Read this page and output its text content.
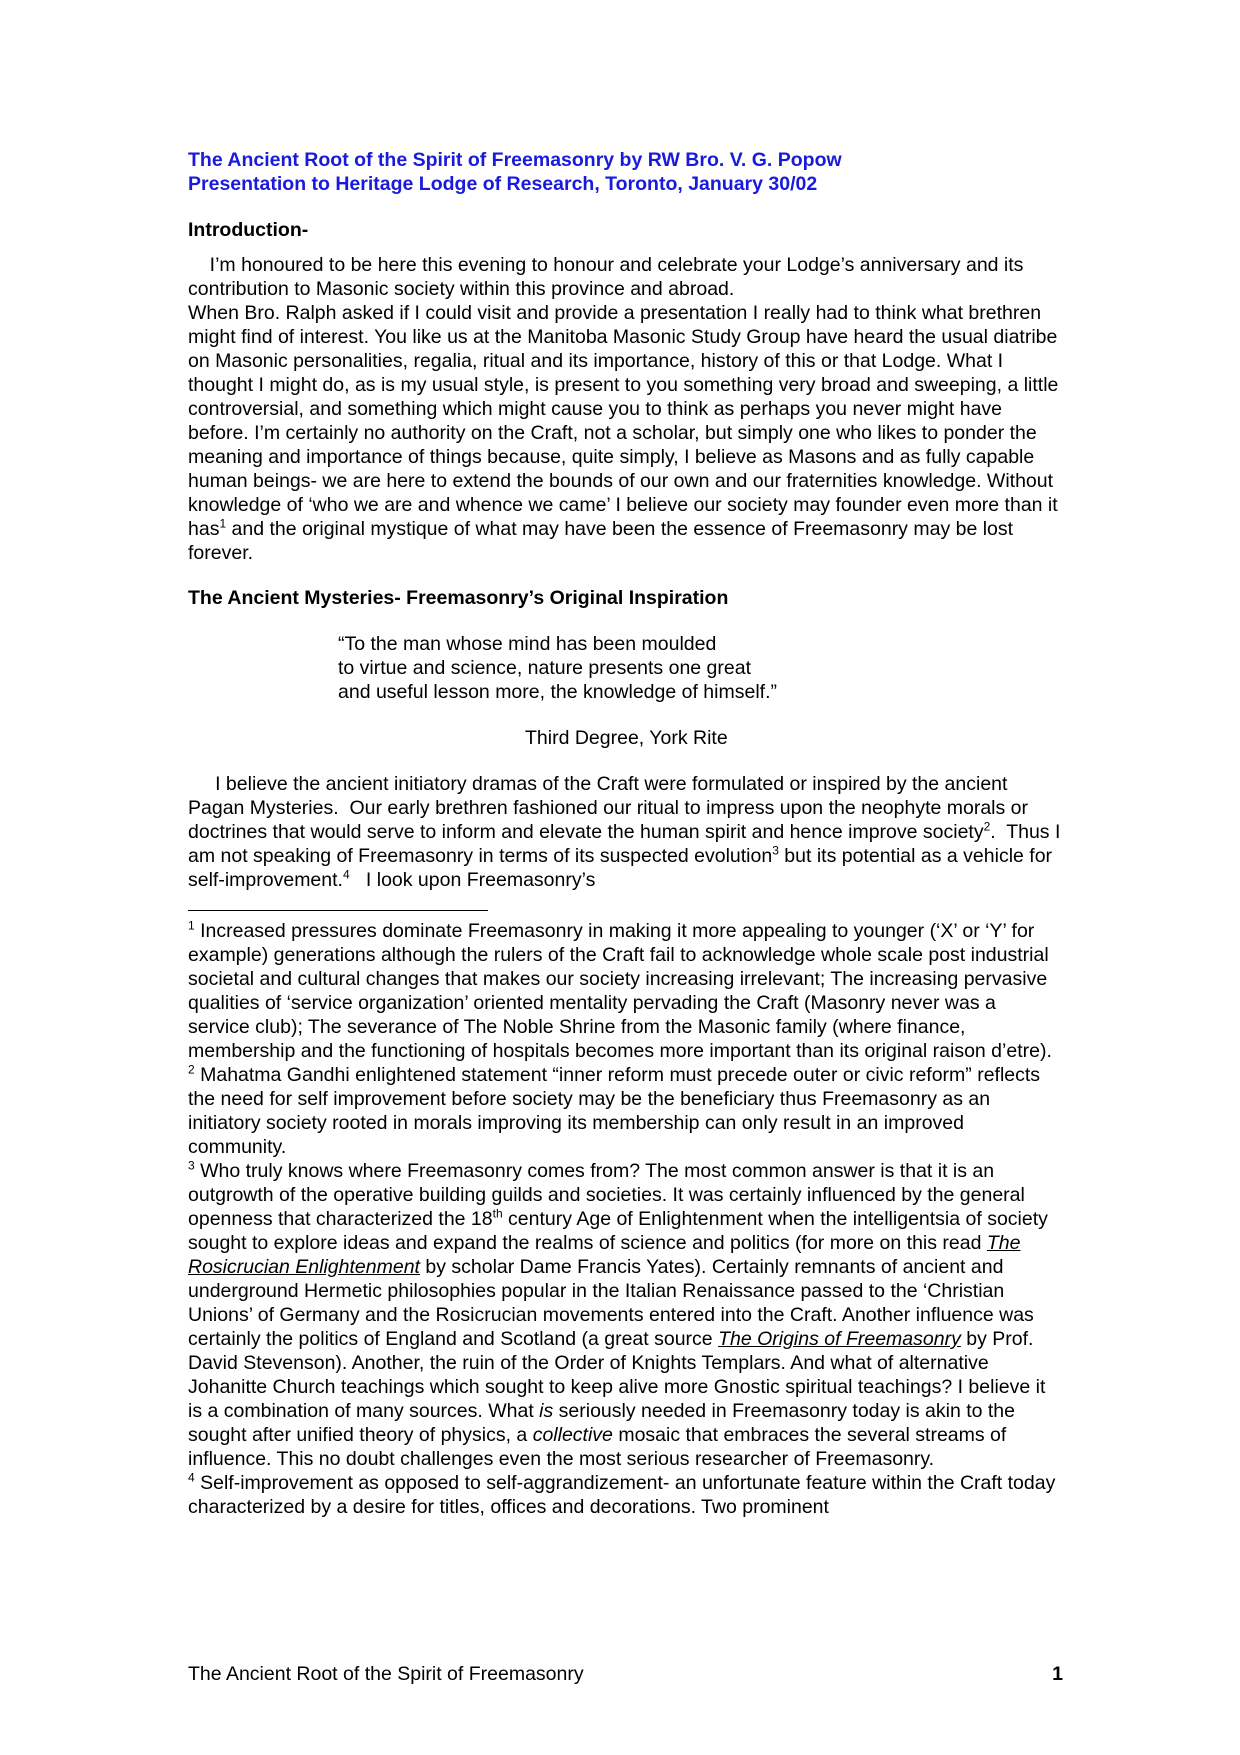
The Ancient Root of the Spirit of Freemasonry by RW Bro. V. G. Popow

Presentation to Heritage Lodge of Research, Toronto, January 30/02

Introduction-

I’m honoured to be here this evening to honour and celebrate your Lodge’s anniversary and its contribution to Masonic society within this province and abroad.

When Bro. Ralph asked if I could visit and provide a presentation I really had to think what brethren might find of interest. You like us at the Manitoba Masonic Study Group have heard the usual diatribe on Masonic personalities, regalia, ritual and its importance, history of this or that Lodge. What I thought I might do, as is my usual style, is present to you something very broad and sweeping, a little controversial, and something which might cause you to think as perhaps you never might have before. I’m certainly no authority on the Craft, not a scholar, but simply one who likes to ponder the meaning and importance of things because, quite simply, I believe as Masons and as fully capable human beings- we are here to extend the bounds of our own and our fraternities knowledge. Without knowledge of ‘who we are and whence we came’ I believe our society may founder even more than it has$^1$ and the original mystique of what may have been the essence of Freemasonry may be lost forever.

The Ancient Mysteries- Freemasonry’s Original Inspiration

“To the man whose mind has been moulded

to virtue and science, nature presents one great

and useful lesson more, the knowledge of himself.”

Third Degree, York Rite

I believe the ancient initiatory dramas of the Craft were formulated or inspired by the ancient Pagan Mysteries.  Our early brethren fashioned our ritual to impress upon the neophyte morals or doctrines that would serve to inform and elevate the human spirit and hence improve society$^2$.  Thus I am not speaking of Freemasonry in terms of its suspected evolution$^3$ but its potential as a vehicle for self-improvement.$^4$   I look upon Freemasonry’s

$^1$ Increased pressures dominate Freemasonry in making it more appealing to younger (‘X’ or ‘Y’ for example) generations although the rulers of the Craft fail to acknowledge whole scale post industrial societal and cultural changes that makes our society increasing irrelevant; The increasing pervasive qualities of ‘service organization’ oriented mentality pervading the Craft (Masonry never was a service club); The severance of The Noble Shrine from the Masonic family (where finance, membership and the functioning of hospitals becomes more important than its original raison d’etre).

$^2$ Mahatma Gandhi enlightened statement “inner reform must precede outer or civic reform” reflects the need for self improvement before society may be the beneficiary thus Freemasonry as an initiatory society rooted in morals improving its membership can only result in an improved community.

$^3$ Who truly knows where Freemasonry comes from? The most common answer is that it is an outgrowth of the operative building guilds and societies. It was certainly influenced by the general openness that characterized the 18th century Age of Enlightenment when the intelligentsia of society sought to explore ideas and expand the realms of science and politics (for more on this read The Rosicrucian Enlightenment by scholar Dame Francis Yates). Certainly remnants of ancient and underground Hermetic philosophies popular in the Italian Renaissance passed to the ‘Christian Unions’ of Germany and the Rosicrucian movements entered into the Craft. Another influence was certainly the politics of England and Scotland (a great source The Origins of Freemasonry by Prof. David Stevenson). Another, the ruin of the Order of Knights Templars. And what of alternative Johanitte Church teachings which sought to keep alive more Gnostic spiritual teachings? I believe it is a combination of many sources. What is seriously needed in Freemasonry today is akin to the sought after unified theory of physics, a collective mosaic that embraces the several streams of influence. This no doubt challenges even the most serious researcher of Freemasonry.

$^4$ Self-improvement as opposed to self-aggrandizement- an unfortunate feature within the Craft today characterized by a desire for titles, offices and decorations. Two prominent

The Ancient Root of the Spirit of Freemasonry	1
